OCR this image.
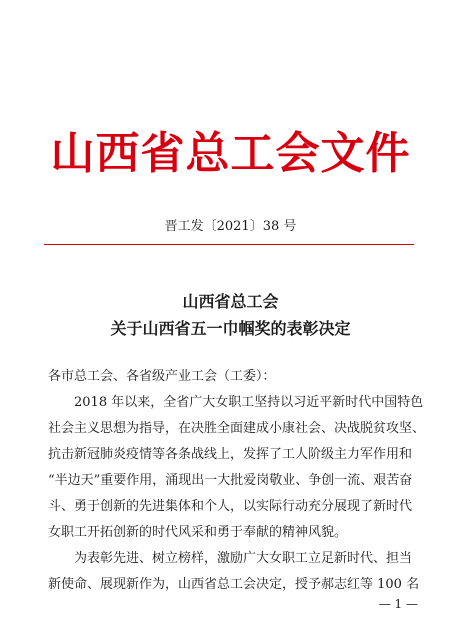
山西省总工会文件
晋工发〔2021〕38 号
山西省总工会
关于山西省五一巾帼奖的表彰决定
各市总工会、各省级产业工会（工委）：
2018 年以来，全省广大女职工坚持以习近平新时代中国特色
社会主义思想为指导，在决胜全面建成小康社会、决战脱贫攻坚、
抗击新冠肺炎疫情等各条战线上，发挥了工人阶级主力军作用和
“半边天”重要作用，涌现出一大批爱岗敬业、争创一流、艰苦奋
斗、勇于创新的先进集体和个人，以实际行动充分展现了新时代
女职工开拓创新的时代风采和勇于奉献的精神风貌。
为表彰先进、树立榜样，激励广大女职工立足新时代、担当
新使命、展现新作为，山西省总工会决定，授予郝志红等 100 名
— 1 —
